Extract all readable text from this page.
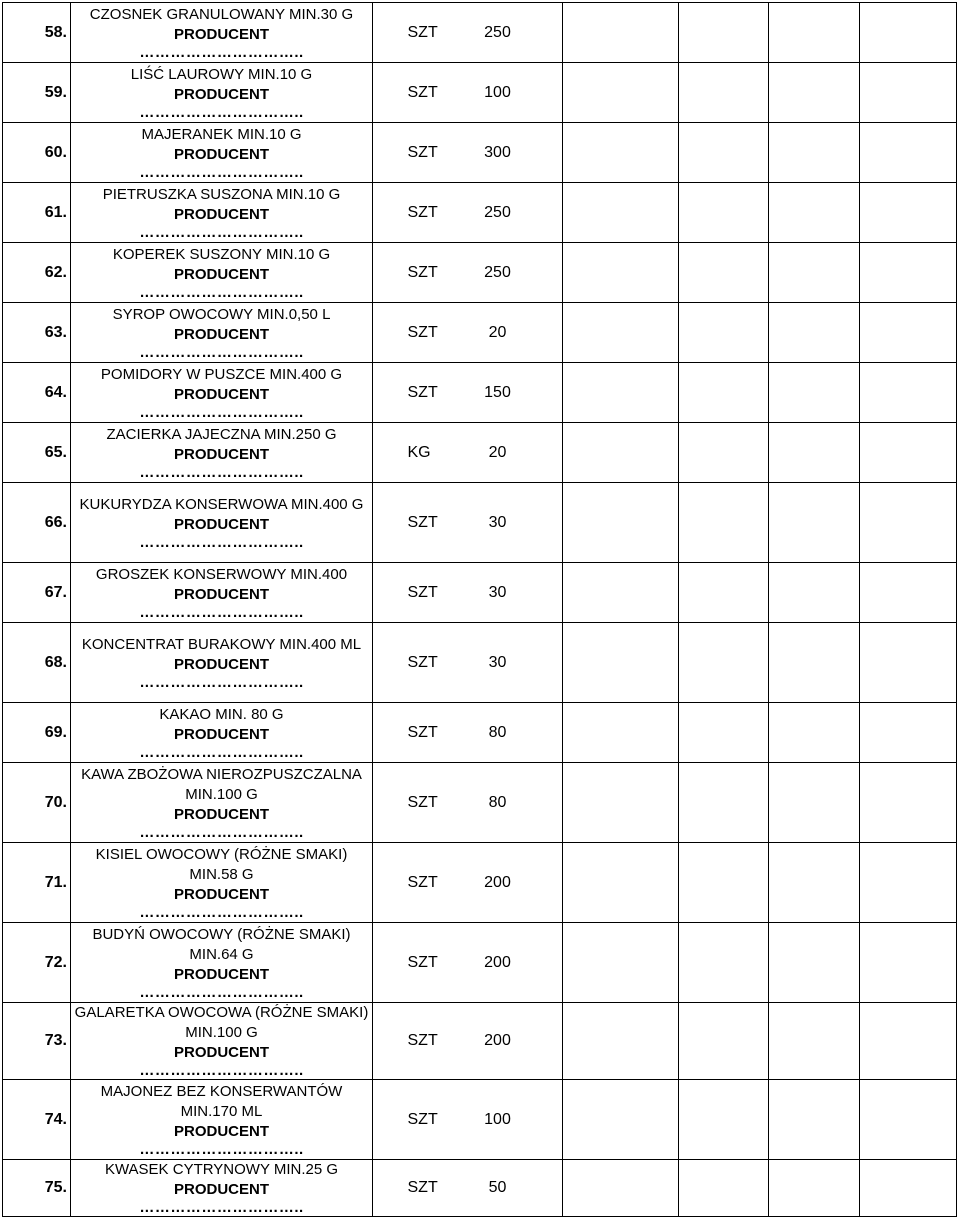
58.	CZOSNEK GRANULOWANY MIN.30 G
PRODUCENT
…………………………..	SZT 250				
59.	LIŚĆ LAUROWY MIN.10 G
PRODUCENT
…………………………..	SZT 100				
60.	MAJERANEK MIN.10 G
PRODUCENT
…………………………..	SZT 300				
61.	PIETRUSZKA SUSZONA MIN.10 G
PRODUCENT
…………………………..	SZT 250				
62.	KOPEREK SUSZONY MIN.10 G
PRODUCENT
…………………………..	SZT 250				
63.	SYROP OWOCOWY MIN.0,50 L
PRODUCENT
…………………………..	SZT 20				
64.	POMIDORY W PUSZCE MIN.400 G
PRODUCENT
…………………………..	SZT 150				
65.	ZACIERKA JAJECZNA MIN.250 G
PRODUCENT
…………………………..	KG 20				
66.	KUKURYDZA KONSERWOWA MIN.400 G
PRODUCENT
…………………………..	SZT 30				
67.	GROSZEK KONSERWOWY MIN.400
PRODUCENT
…………………………..	SZT 30				
68.	KONCENTRAT BURAKOWY MIN.400 ML
PRODUCENT
…………………………..	SZT 30				
69.	KAKAO MIN. 80 G
PRODUCENT
…………………………..	SZT 80				
70.	KAWA ZBOŻOWA NIEROZPUSZCZALNA MIN.100 G
PRODUCENT
…………………………..	SZT 80				
71.	KISIEL OWOCOWY (RÓŻNE SMAKI) MIN.58 G
PRODUCENT
…………………………..	SZT 200				
72.	BUDYŃ OWOCOWY (RÓŻNE SMAKI) MIN.64 G
PRODUCENT
…………………………..	SZT 200				
73.	GALARETKA OWOCOWA (RÓŻNE SMAKI) MIN.100 G
PRODUCENT
…………………………..	SZT 200				
74.	MAJONEZ BEZ KONSERWANTÓW MIN.170 ML
PRODUCENT
…………………………..	SZT 100				
75.	KWASEK CYTRYNOWY MIN.25 G
PRODUCENT
…………………………..	SZT 50				
